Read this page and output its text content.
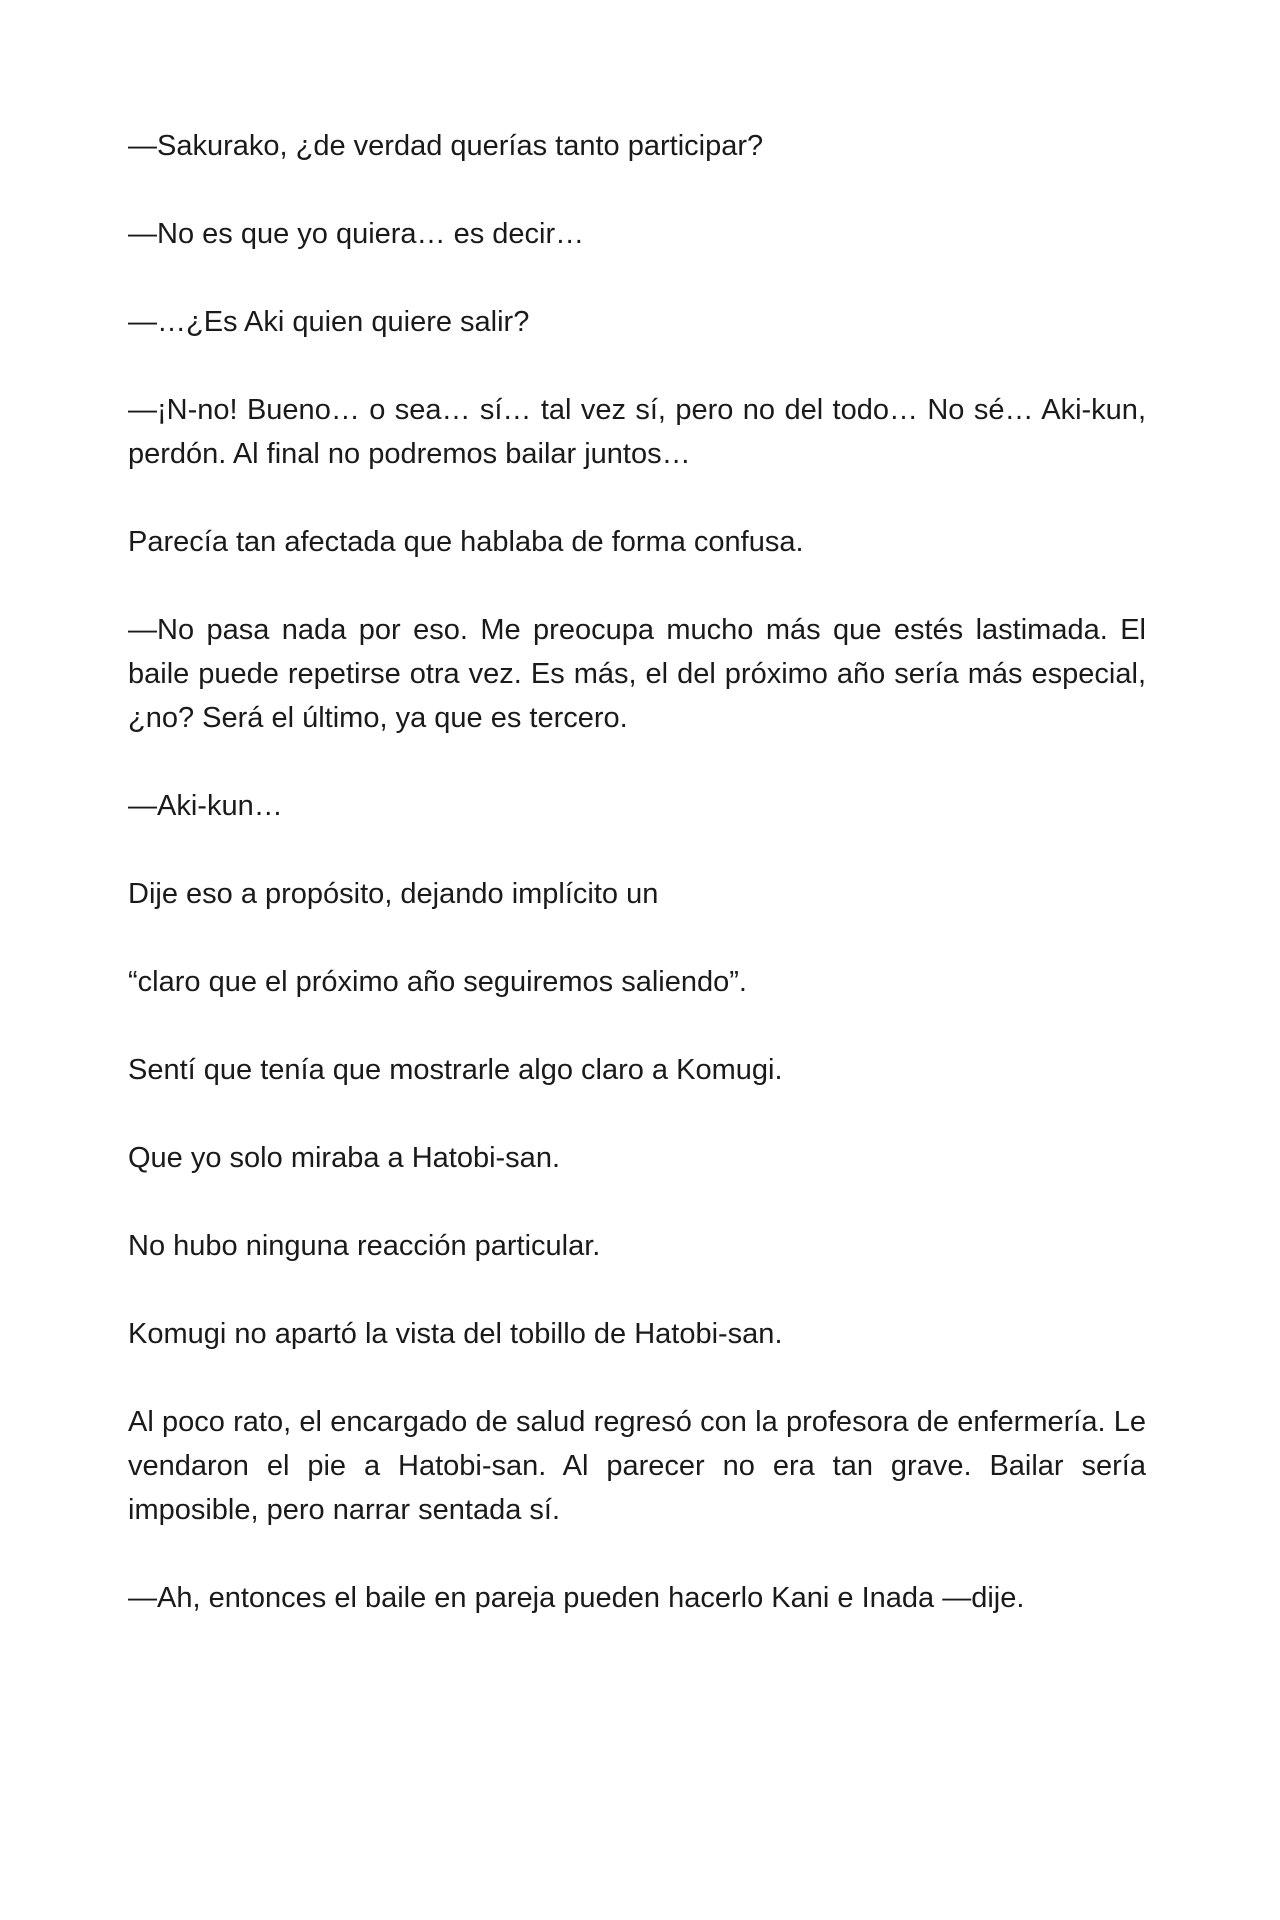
—Sakurako, ¿de verdad querías tanto participar?

—No es que yo quiera… es decir…

—…¿Es Aki quien quiere salir?

—¡N-no! Bueno… o sea… sí… tal vez sí, pero no del todo… No sé… Aki-kun, perdón. Al final no podremos bailar juntos…

Parecía tan afectada que hablaba de forma confusa.

—No pasa nada por eso. Me preocupa mucho más que estés lastimada. El baile puede repetirse otra vez. Es más, el del próximo año sería más especial, ¿no? Será el último, ya que es tercero.

—Aki-kun…

Dije eso a propósito, dejando implícito un

“claro que el próximo año seguiremos saliendo”.

Sentí que tenía que mostrarle algo claro a Komugi.

Que yo solo miraba a Hatobi-san.

No hubo ninguna reacción particular.

Komugi no apartó la vista del tobillo de Hatobi-san.

Al poco rato, el encargado de salud regresó con la profesora de enfermería. Le vendaron el pie a Hatobi-san. Al parecer no era tan grave. Bailar sería imposible, pero narrar sentada sí.

—Ah, entonces el baile en pareja pueden hacerlo Kani e Inada —dije.
